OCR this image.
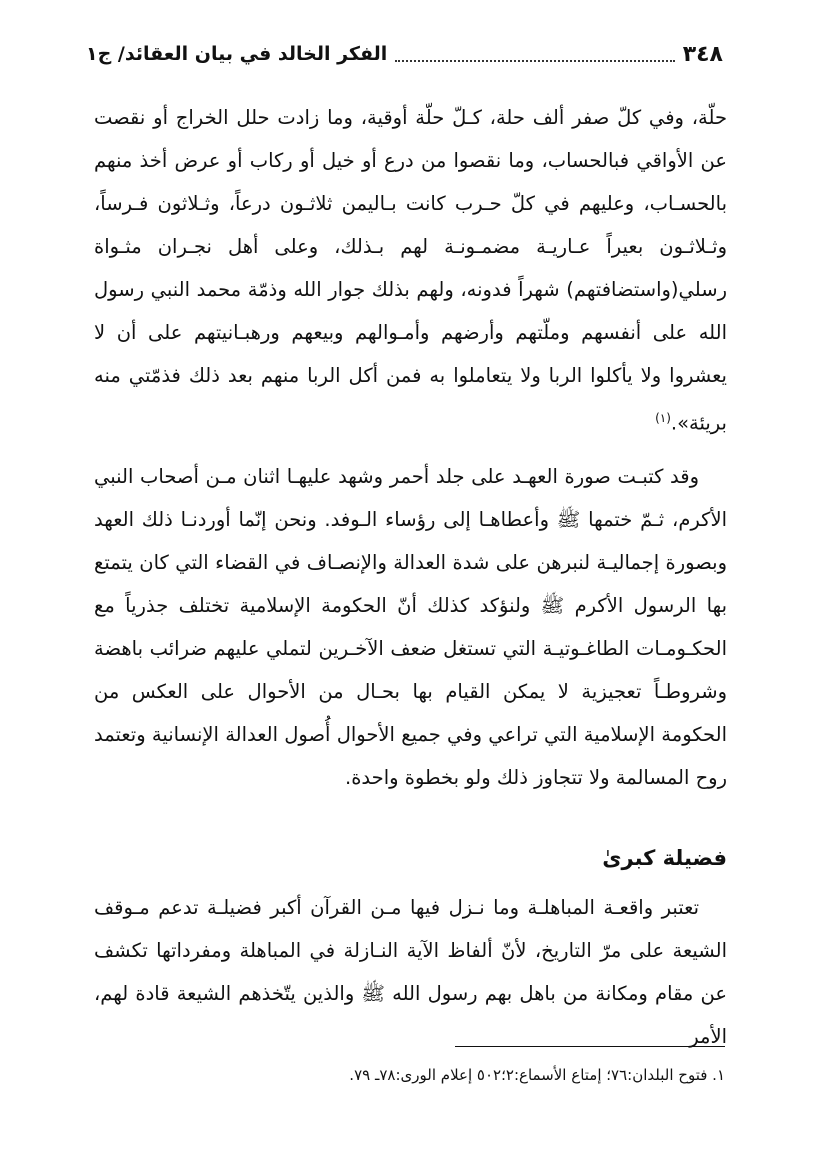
٣٤٨
الفكر الخالد في بيان العقائد/ ج١

حلّة، وفي كلّ صفر ألف حلة، كـلّ حلّة أوقية، وما زادت حلل الخراج أو نقصت عن الأواقي فبالحساب، وما نقصوا من درع أو خيل أو ركاب أو عرض أخذ منهم بالحسـاب، وعليهم في كلّ حـرب كانت بـاليمن ثلاثـون درعاً، وثـلاثون فـرساً، وثـلاثـون بعيراً عـاريـة مضمـونـة لهم بـذلك، وعلى أهل نجـران مثـواة رسلي(واستضافتهم) شهراً فدونه، ولهم بذلك جوار الله وذمّة محمد النبي رسول الله على أنفسهم وملّتهم وأرضهم وأمـوالهم وبيعهم ورهبـانيتهم على أن لا يعشروا ولا يأكلوا الربا ولا يتعاملوا به فمن أكل الربا منهم بعد ذلك فذمّتي منه بريئة».$^{(١)}$

وقد كتبـت صورة العهـد على جلد أحمر وشهد عليهـا اثنان مـن أصحاب النبي الأكرم، ثـمّ ختمها ﷺ وأعطاهـا إلى رؤساء الـوفد. ونحن إنّما أوردنـا ذلك العهد وبصورة إجماليـة لنبرهن على شدة العدالة والإنصـاف في القضاء التي كان يتمتع بها الرسول الأكرم ﷺ ولنؤكد كذلك أنّ الحكومة الإسلامية تختلف جذرياً مع الحكـومـات الطاغـوتيـة التي تستغل ضعف الآخـرين لتملي عليهم ضرائب باهضة وشروطـاً تعجيزية لا يمكن القيام بها بحـال من الأحوال على العكس من الحكومة الإسلامية التي تراعي وفي جميع الأحوال أُصول العدالة الإنسانية وتعتمد روح المسالمة ولا تتجاوز ذلك ولو بخطوة واحدة.

فضيلة كبرىٰ

تعتبر واقعـة المباهلـة وما نـزل فيها مـن القرآن أكبر فضيلـة تدعم مـوقف الشيعة على مرّ التاريخ، لأنّ ألفاظ الآية النـازلة في المباهلة ومفرداتها تكشف عن مقام ومكانة من باهل بهم رسول الله ﷺ والذين يتّخذهم الشيعة قادة لهم، الأمر

١. فتوح البلدان:٧٦؛ إمتاع الأسماع:٢‎؛٥٠٢ إعلام الورى:٧٨ـ ٧٩.
